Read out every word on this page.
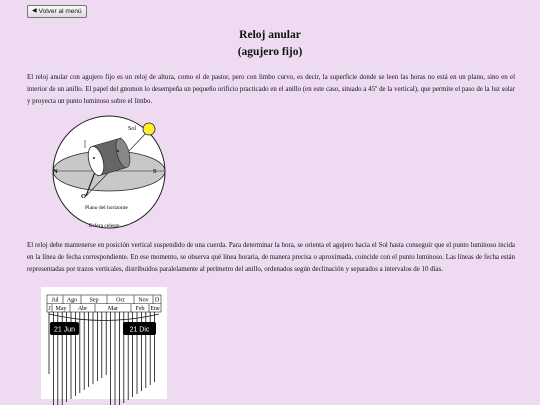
◀ Volver al menú
Reloj anular
(agujero fijo)

El reloj anular con agujero fijo es un reloj de altura, como el de pastor, pero con limbo curvo, es decir, la superficie donde se leen las horas no está en un plano, sino en el interior de un anillo. El papel del gnomon lo desempeña un pequeño orificio practicado en el anillo (en este caso, situado a 45º de la vertical), que permite el paso de la luz solar y proyecta un punto luminoso sobre el limbo.

Sol
N	S
O
Plano del horizonte
Esfera celeste

El reloj debe mantenerse en posición vertical suspendido de una cuerda. Para determinar la hora, se orienta el agujero hacia el Sol hasta conseguir que el punto luminoso incida en la línea de fecha correspondiente. En ese momento, se observa qué línea horaria, de manera precisa o aproximada, coincide con el punto luminoso. Las líneas de fecha están representadas por trazos verticales, distribuidos paralelamente al perímetro del anillo, ordenados según declinación y separados a intervalos de 10 días.

Jul Ago Sep	Oct Nov D
J May Abr	Mar	Feb Ene
21 Jun	21 Dic
